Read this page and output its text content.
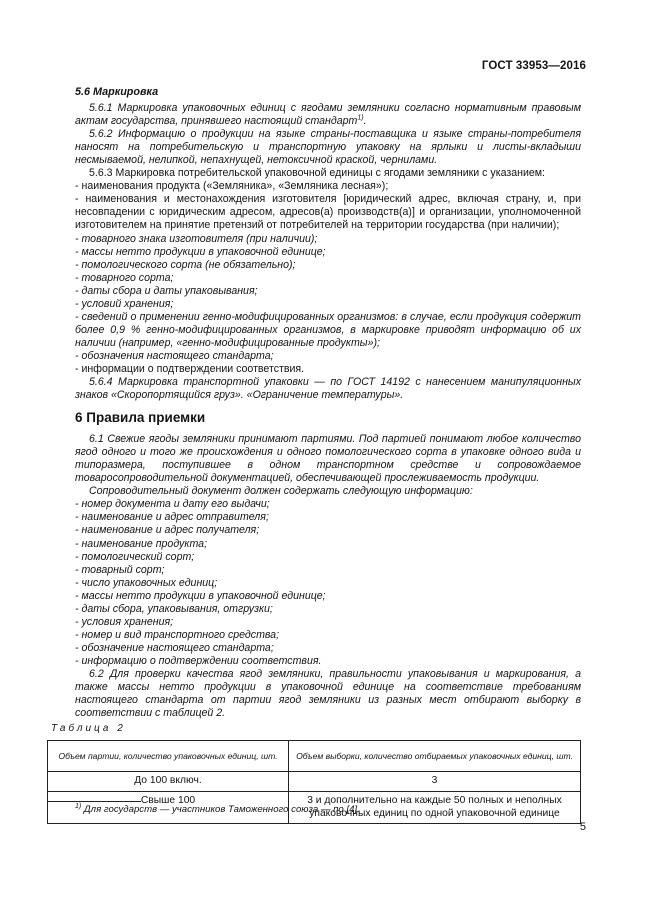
ГОСТ 33953—2016

5.6 Маркировка

5.6.1 Маркировка упаковочных единиц с ягодами земляники согласно нормативным правовым актам государства, принявшего настоящий стандарт$^{1)}$.

5.6.2 Информацию о продукции на языке страны-поставщика и языке страны-потребителя наносят на потребительскую и транспортную упаковку на ярлыки и листы-вкладыши несмываемой, нелипкой, непахнущей, нетоксичной краской, чернилами.

5.6.3 Маркировка потребительской упаковочной единицы с ягодами земляники с указанием:

- наименования продукта («Земляника», «Земляника лесная»);

- наименования и местонахождения изготовителя [юридический адрес, включая страну, и, при несовпадении с юридическим адресом, адресов(а) производств(а)] и организации, уполномоченной изготовителем на принятие претензий от потребителей на территории государства (при наличии);

- товарного знака изготовителя (при наличии);

- массы нетто продукции в упаковочной единице;

- помологического сорта (не обязательно);

- товарного сорта;

- даты сбора и даты упаковывания;

- условий хранения;

- сведений о применении генно-модифицированных организмов: в случае, если продукция содержит более 0,9 % генно-модифицированных организмов, в маркировке приводят информацию об их наличии (например, «генно-модифицированные продукты»);

- обозначения настоящего стандарта;

- информации о подтверждении соответствия.

5.6.4 Маркировка транспортной упаковки — по ГОСТ 14192 с нанесением манипуляционных знаков «Скоропортящийся груз». «Ограничение температуры».

6 Правила приемки

6.1 Свежие ягоды земляники принимают партиями. Под партией понимают любое количество ягод одного и того же происхождения и одного помологического сорта в упаковке одного вида и типоразмера, поступившее в одном транспортном средстве и сопровождаемое товаросопроводительной документацией, обеспечивающей прослеживаемость продукции.

Сопроводительный документ должен содержать следующую информацию:

- номер документа и дату его выдачи;

- наименование и адрес отправителя;

- наименование и адрес получателя;

- наименование продукта;

- помологический сорт;

- товарный сорт;

- число упаковочных единиц;

- массы нетто продукции в упаковочной единице;

- даты сбора, упаковывания, отгрузки;

- условия хранения;

- номер и вид транспортного средства;

- обозначение настоящего стандарта;

- информацию о подтверждении соответствия.

6.2 Для проверки качества ягод земляники, правильности упаковывания и маркирования, а также массы нетто продукции в упаковочной единице на соответствие требованиям настоящего стандарта от партии ягод земляники из разных мест отбирают выборку в соответствии с таблицей 2.

Таблица 2

Объем партии, количество упаковочных единиц, шт.	Объем выборки, количество отбираемых упаковочных единиц, шт.
До 100 включ.	3
Свыше 100	3 и дополнительно на каждые 50 полных и неполных упаковочных единиц по одной упаковочной единице
$^{1)}$ Для государств — участников Таможенного союза — по [4].
5
